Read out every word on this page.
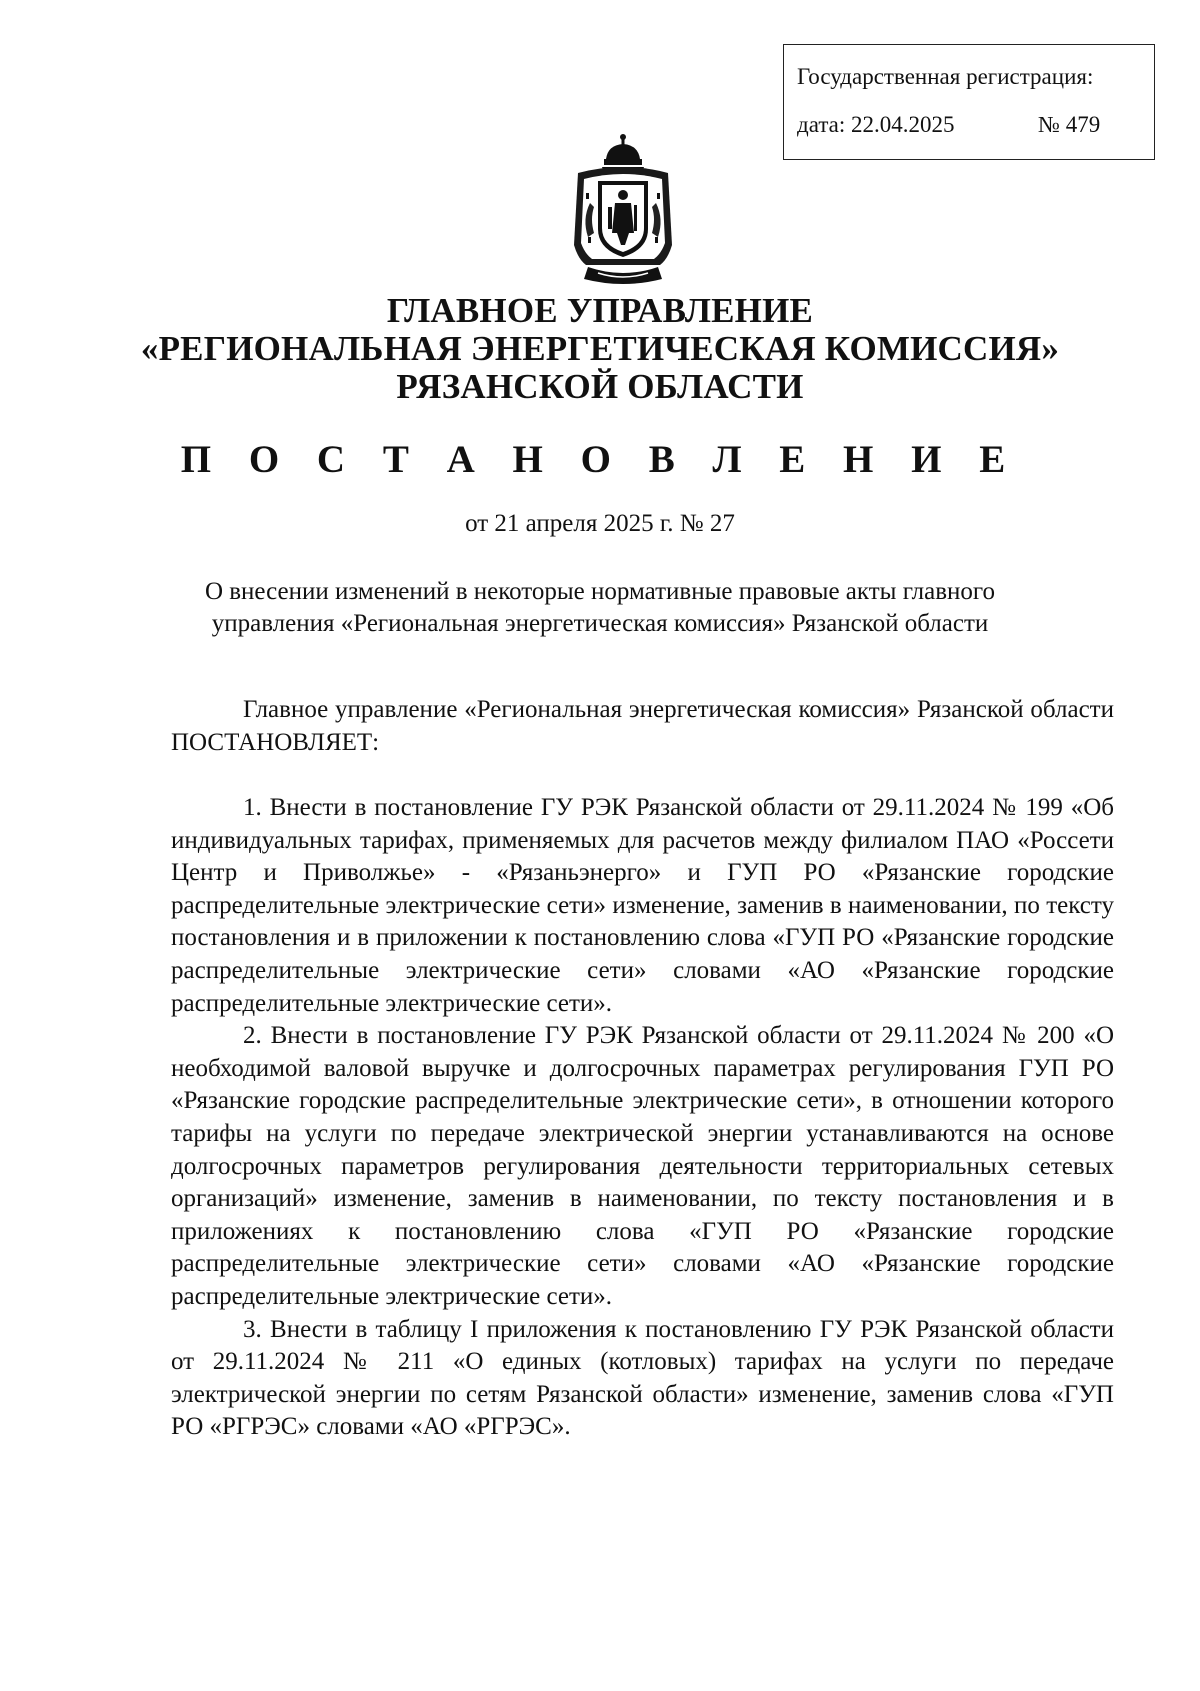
Государственная регистрация:
дата: 22.04.2025	№ 479
ГЛАВНОЕ УПРАВЛЕНИЕ
«РЕГИОНАЛЬНАЯ ЭНЕРГЕТИЧЕСКАЯ КОМИССИЯ»
РЯЗАНСКОЙ ОБЛАСТИ
П О С Т А Н О В Л Е Н И Е
от 21 апреля 2025 г. № 27
О внесении изменений в некоторые нормативные правовые акты главного
управления «Региональная энергетическая комиссия» Рязанской области

Главное управление «Региональная энергетическая комиссия» Рязанской области ПОСТАНОВЛЯЕТ:

1. Внести в постановление ГУ РЭК Рязанской области от 29.11.2024 № 199 «Об индивидуальных тарифах, применяемых для расчетов между филиалом ПАО «Россети Центр и Приволжье» - «Рязаньэнерго» и ГУП РО «Рязанские городские распределительные электрические сети» изменение, заменив в наименовании, по тексту постановления и в приложении к постановлению слова «ГУП РО «Рязанские городские распределительные электрические сети» словами «АО «Рязанские городские распределительные электрические сети».

2. Внести в постановление ГУ РЭК Рязанской области от 29.11.2024 № 200 «О необходимой валовой выручке и долгосрочных параметрах регулирования ГУП РО «Рязанские городские распределительные электрические сети», в отношении которого тарифы на услуги по передаче электрической энергии устанавливаются на основе долгосрочных параметров регулирования деятельности территориальных сетевых организаций» изменение, заменив в наименовании, по тексту постановления и в приложениях к постановлению слова «ГУП РО «Рязанские городские распределительные электрические сети» словами «АО «Рязанские городские распределительные электрические сети».

3. Внести в таблицу I приложения к постановлению ГУ РЭК Рязанской области от 29.11.2024 № 211 «О единых (котловых) тарифах на услуги по передаче электрической энергии по сетям Рязанской области» изменение, заменив слова «ГУП РО «РГРЭС» словами «АО «РГРЭС».
